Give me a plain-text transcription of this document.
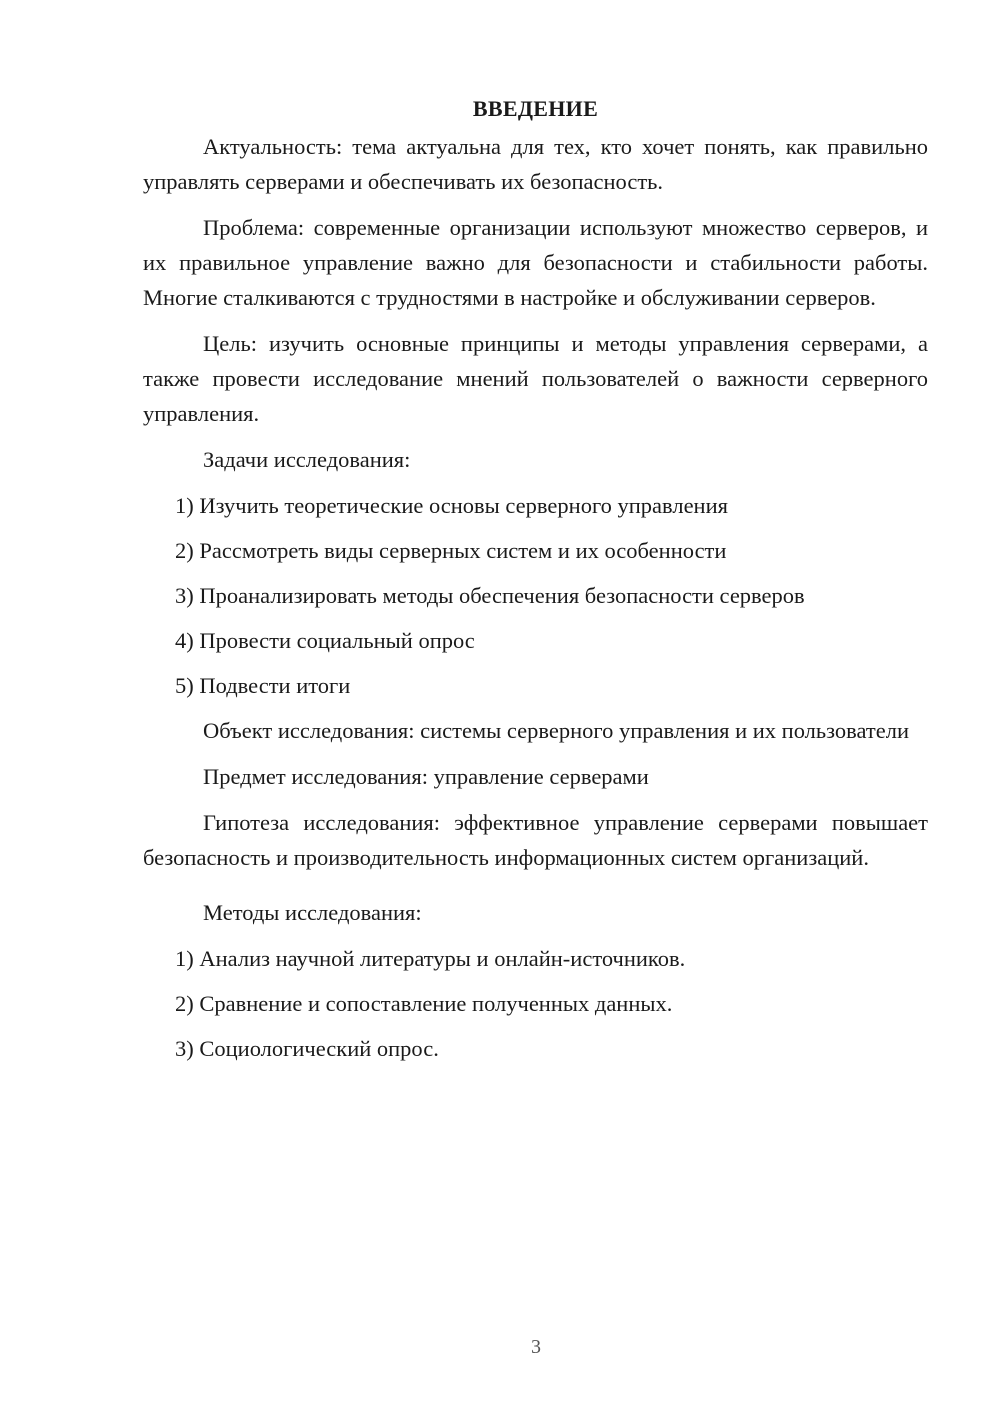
ВВЕДЕНИЕ

Актуальность: тема актуальна для тех, кто хочет понять, как правильно управлять серверами и обеспечивать их безопасность.

Проблема: современные организации используют множество серверов, и их правильное управление важно для безопасности и стабильности работы. Многие сталкиваются с трудностями в настройке и обслуживании серверов.

Цель: изучить основные принципы и методы управления серверами, а также провести исследование мнений пользователей о важности серверного управления.

Задачи исследования:

1) Изучить теоретические основы серверного управления
2) Рассмотреть виды серверных систем и их особенности
3) Проанализировать методы обеспечения безопасности серверов
4) Провести социальный опрос
5) Подвести итоги

Объект исследования: системы серверного управления и их пользователи

Предмет исследования: управление серверами

Гипотеза исследования: эффективное управление серверами повышает безопасность и производительность информационных систем организаций.

Методы исследования:

1) Анализ научной литературы и онлайн-источников.
2) Сравнение и сопоставление полученных данных.
3) Социологический опрос.
3
